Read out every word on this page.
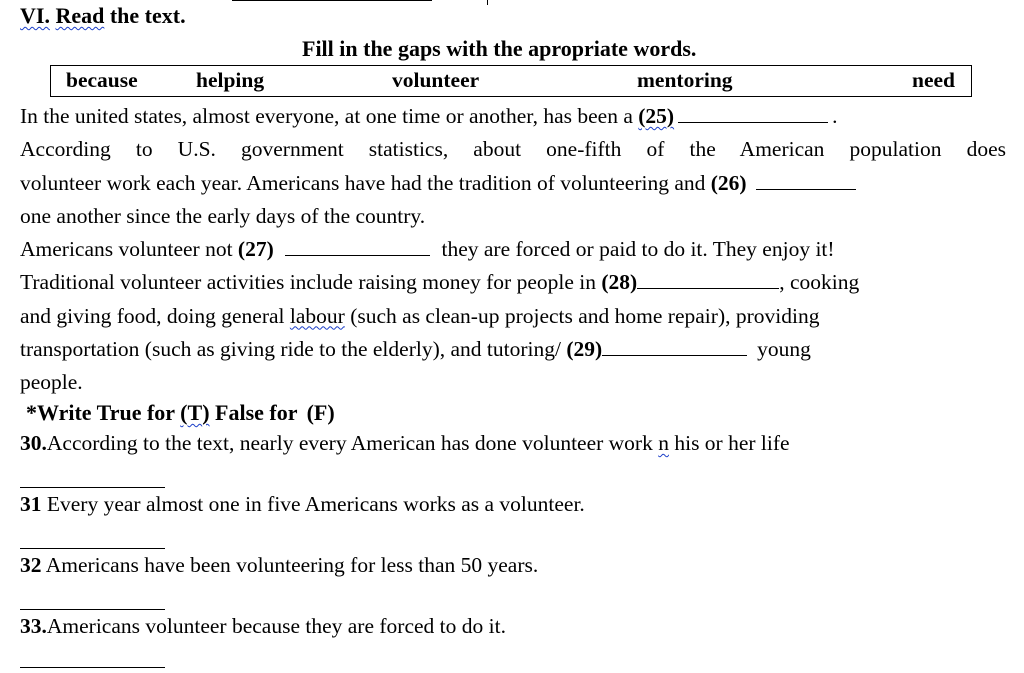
VI. Read the text.
Fill in the gaps with the apropriate words.
because	helping	volunteer	mentoring	need
In the united states, almost everyone, at one time or another, has been a (25)	.
According to U.S. government statistics, about one-fifth of the American population does
volunteer work each year. Americans have had the tradition of volunteering and (26)
one another since the early days of the country.
Americans volunteer not (27)	they are forced or paid to do it. They enjoy it!
Traditional volunteer activities include raising money for people in (28)	, cooking
and giving food, doing general labour (such as clean-up projects and home repair), providing
transportation (such as giving ride to the elderly), and tutoring/ (29)	young
people.
*Write True for (T) False for (F)
30.According to the text, nearly every American has done volunteer work n his or her life
31 Every year almost one in five Americans works as a volunteer.
32 Americans have been volunteering for less than 50 years.
33.Americans volunteer because they are forced to do it.
